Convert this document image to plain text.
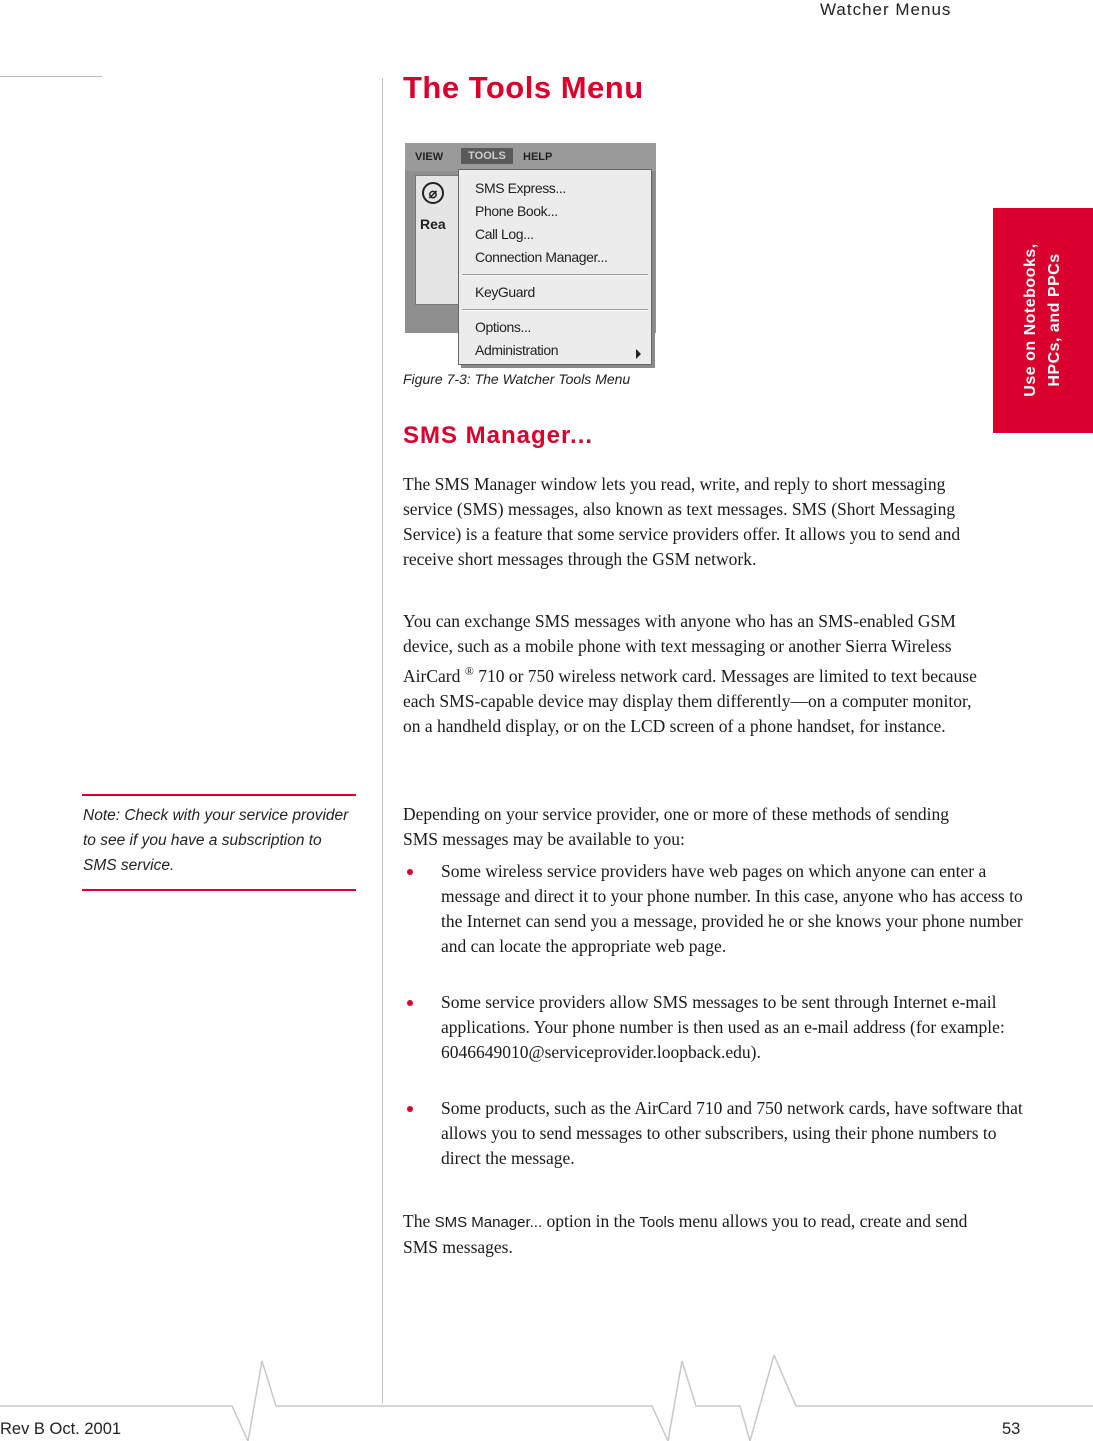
Watcher Menus
Use on Notebooks, HPCs, and PPCs
The Tools Menu
VIEW	TOOLS	HELP
⌀
Rea
SMS Express...
Phone Book...
Call Log...
Connection Manager...
KeyGuard
Options...
Administration
Figure 7-3: The Watcher Tools Menu
SMS Manager...

The SMS Manager window lets you read, write, and reply to short messaging service (SMS) messages, also known as text messages. SMS (Short Messaging Service) is a feature that some service providers offer. It allows you to send and receive short messages through the GSM network.

You can exchange SMS messages with anyone who has an SMS-enabled GSM device, such as a mobile phone with text messaging or another Sierra Wireless AirCard ® 710 or 750 wireless network card. Messages are limited to text because each SMS-capable device may display them differently—on a computer monitor, on a handheld display, or on the LCD screen of a phone handset, for instance.

Note: Check with your service provider to see if you have a subscription to SMS service.

Depending on your service provider, one or more of these methods of sending SMS messages may be available to you:

Some wireless service providers have web pages on which anyone can enter a message and direct it to your phone number. In this case, anyone who has access to the Internet can send you a message, provided he or she knows your phone number and can locate the appropriate web page.
Some service providers allow SMS messages to be sent through Internet e-mail applications. Your phone number is then used as an e-mail address (for example: 6046649010@serviceprovider.loopback.edu).
Some products, such as the AirCard 710 and 750 network cards, have software that allows you to send messages to other subscribers, using their phone numbers to direct the message.

The SMS Manager... option in the Tools menu allows you to read, create and send SMS messages.

Rev B Oct. 2001	53
